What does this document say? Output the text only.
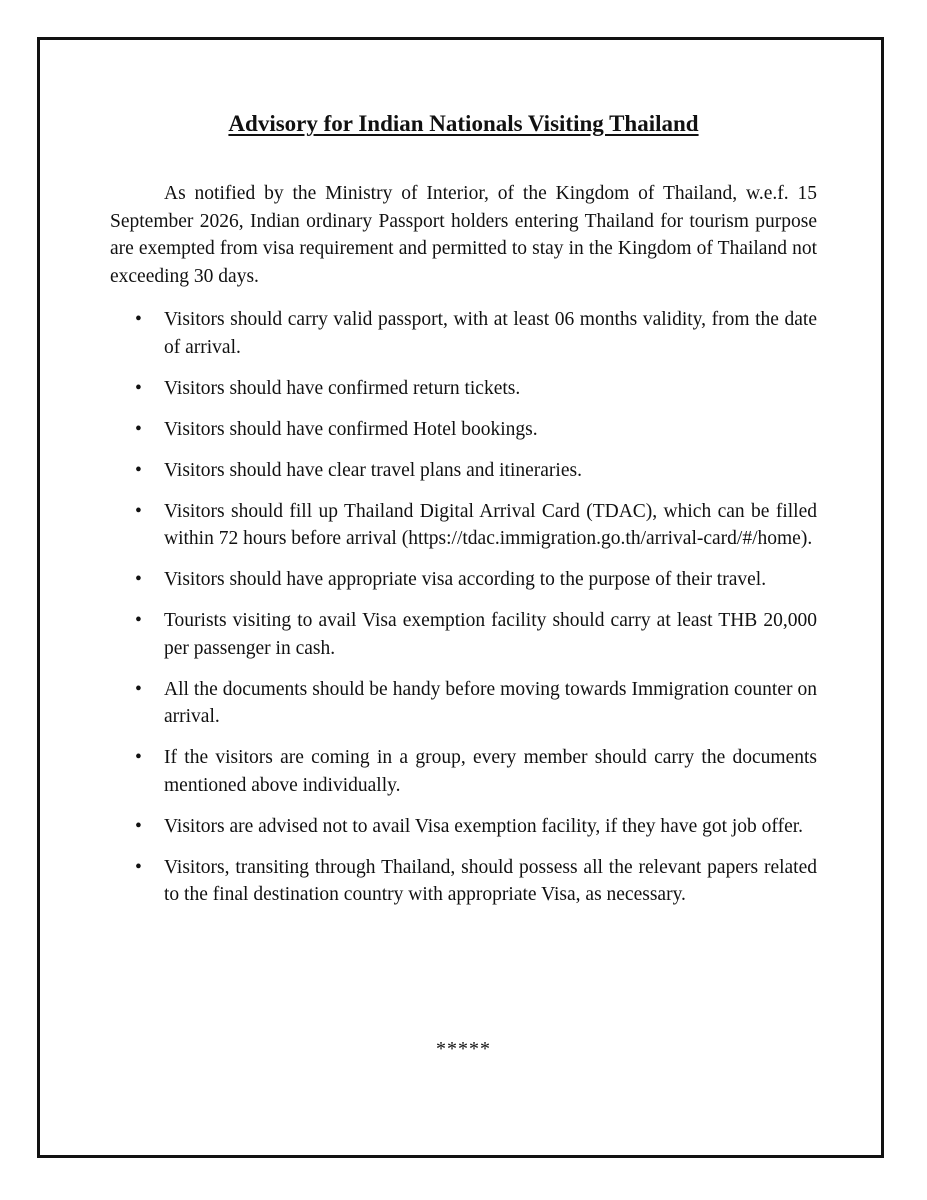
Advisory for Indian Nationals Visiting Thailand

As notified by the Ministry of Interior, of the Kingdom of Thailand, w.e.f. 15 September 2026, Indian ordinary Passport holders entering Thailand for tourism purpose are exempted from visa requirement and permitted to stay in the Kingdom of Thailand not exceeding 30 days.

• Visitors should carry valid passport, with at least 06 months validity, from the date of arrival.
• Visitors should have confirmed return tickets.
• Visitors should have confirmed Hotel bookings.
• Visitors should have clear travel plans and itineraries.
• Visitors should fill up Thailand Digital Arrival Card (TDAC), which can be filled within 72 hours before arrival (https://tdac.immigration.go.th/arrival-card/#/home).
• Visitors should have appropriate visa according to the purpose of their travel.
• Tourists visiting to avail Visa exemption facility should carry at least THB 20,000 per passenger in cash.
• All the documents should be handy before moving towards Immigration counter on arrival.
• If the visitors are coming in a group, every member should carry the documents mentioned above individually.
• Visitors are advised not to avail Visa exemption facility, if they have got job offer.
• Visitors, transiting through Thailand, should possess all the relevant papers related to the final destination country with appropriate Visa, as necessary.

*****
